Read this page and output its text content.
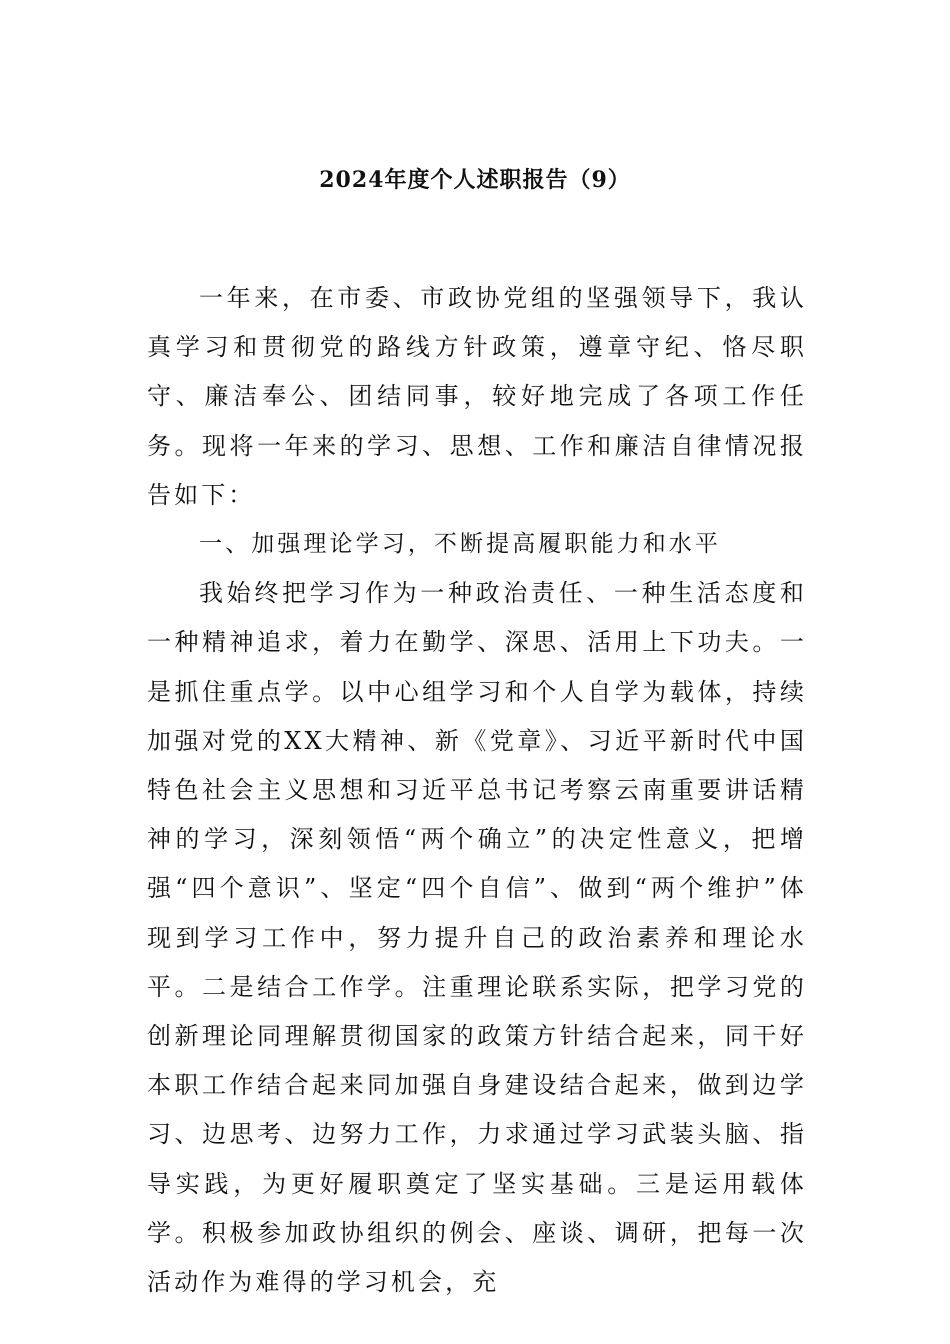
2024年度个人述职报告（9）

一年来，在市委、市政协党组的坚强领导下，我认真学习和贯彻党的路线方针政策，遵章守纪、恪尽职守、廉洁奉公、团结同事，较好地完成了各项工作任务。现将一年来的学习、思想、工作和廉洁自律情况报告如下：

一、加强理论学习，不断提高履职能力和水平

我始终把学习作为一种政治责任、一种生活态度和一种精神追求，着力在勤学、深思、活用上下功夫。一是抓住重点学。以中心组学习和个人自学为载体，持续加强对党的XX大精神、新《党章》、习近平新时代中国特色社会主义思想和习近平总书记考察云南重要讲话精神的学习，深刻领悟“两个确立”的决定性意义，把增强“四个意识”、坚定“四个自信”、做到“两个维护”体现到学习工作中，努力提升自己的政治素养和理论水平。二是结合工作学。注重理论联系实际，把学习党的创新理论同理解贯彻国家的政策方针结合起来，同干好本职工作结合起来同加强自身建设结合起来，做到边学习、边思考、边努力工作，力求通过学习武装头脑、指导实践，为更好履职奠定了坚实基础。三是运用载体学。积极参加政协组织的例会、座谈、调研，把每一次活动作为难得的学习机会，充
